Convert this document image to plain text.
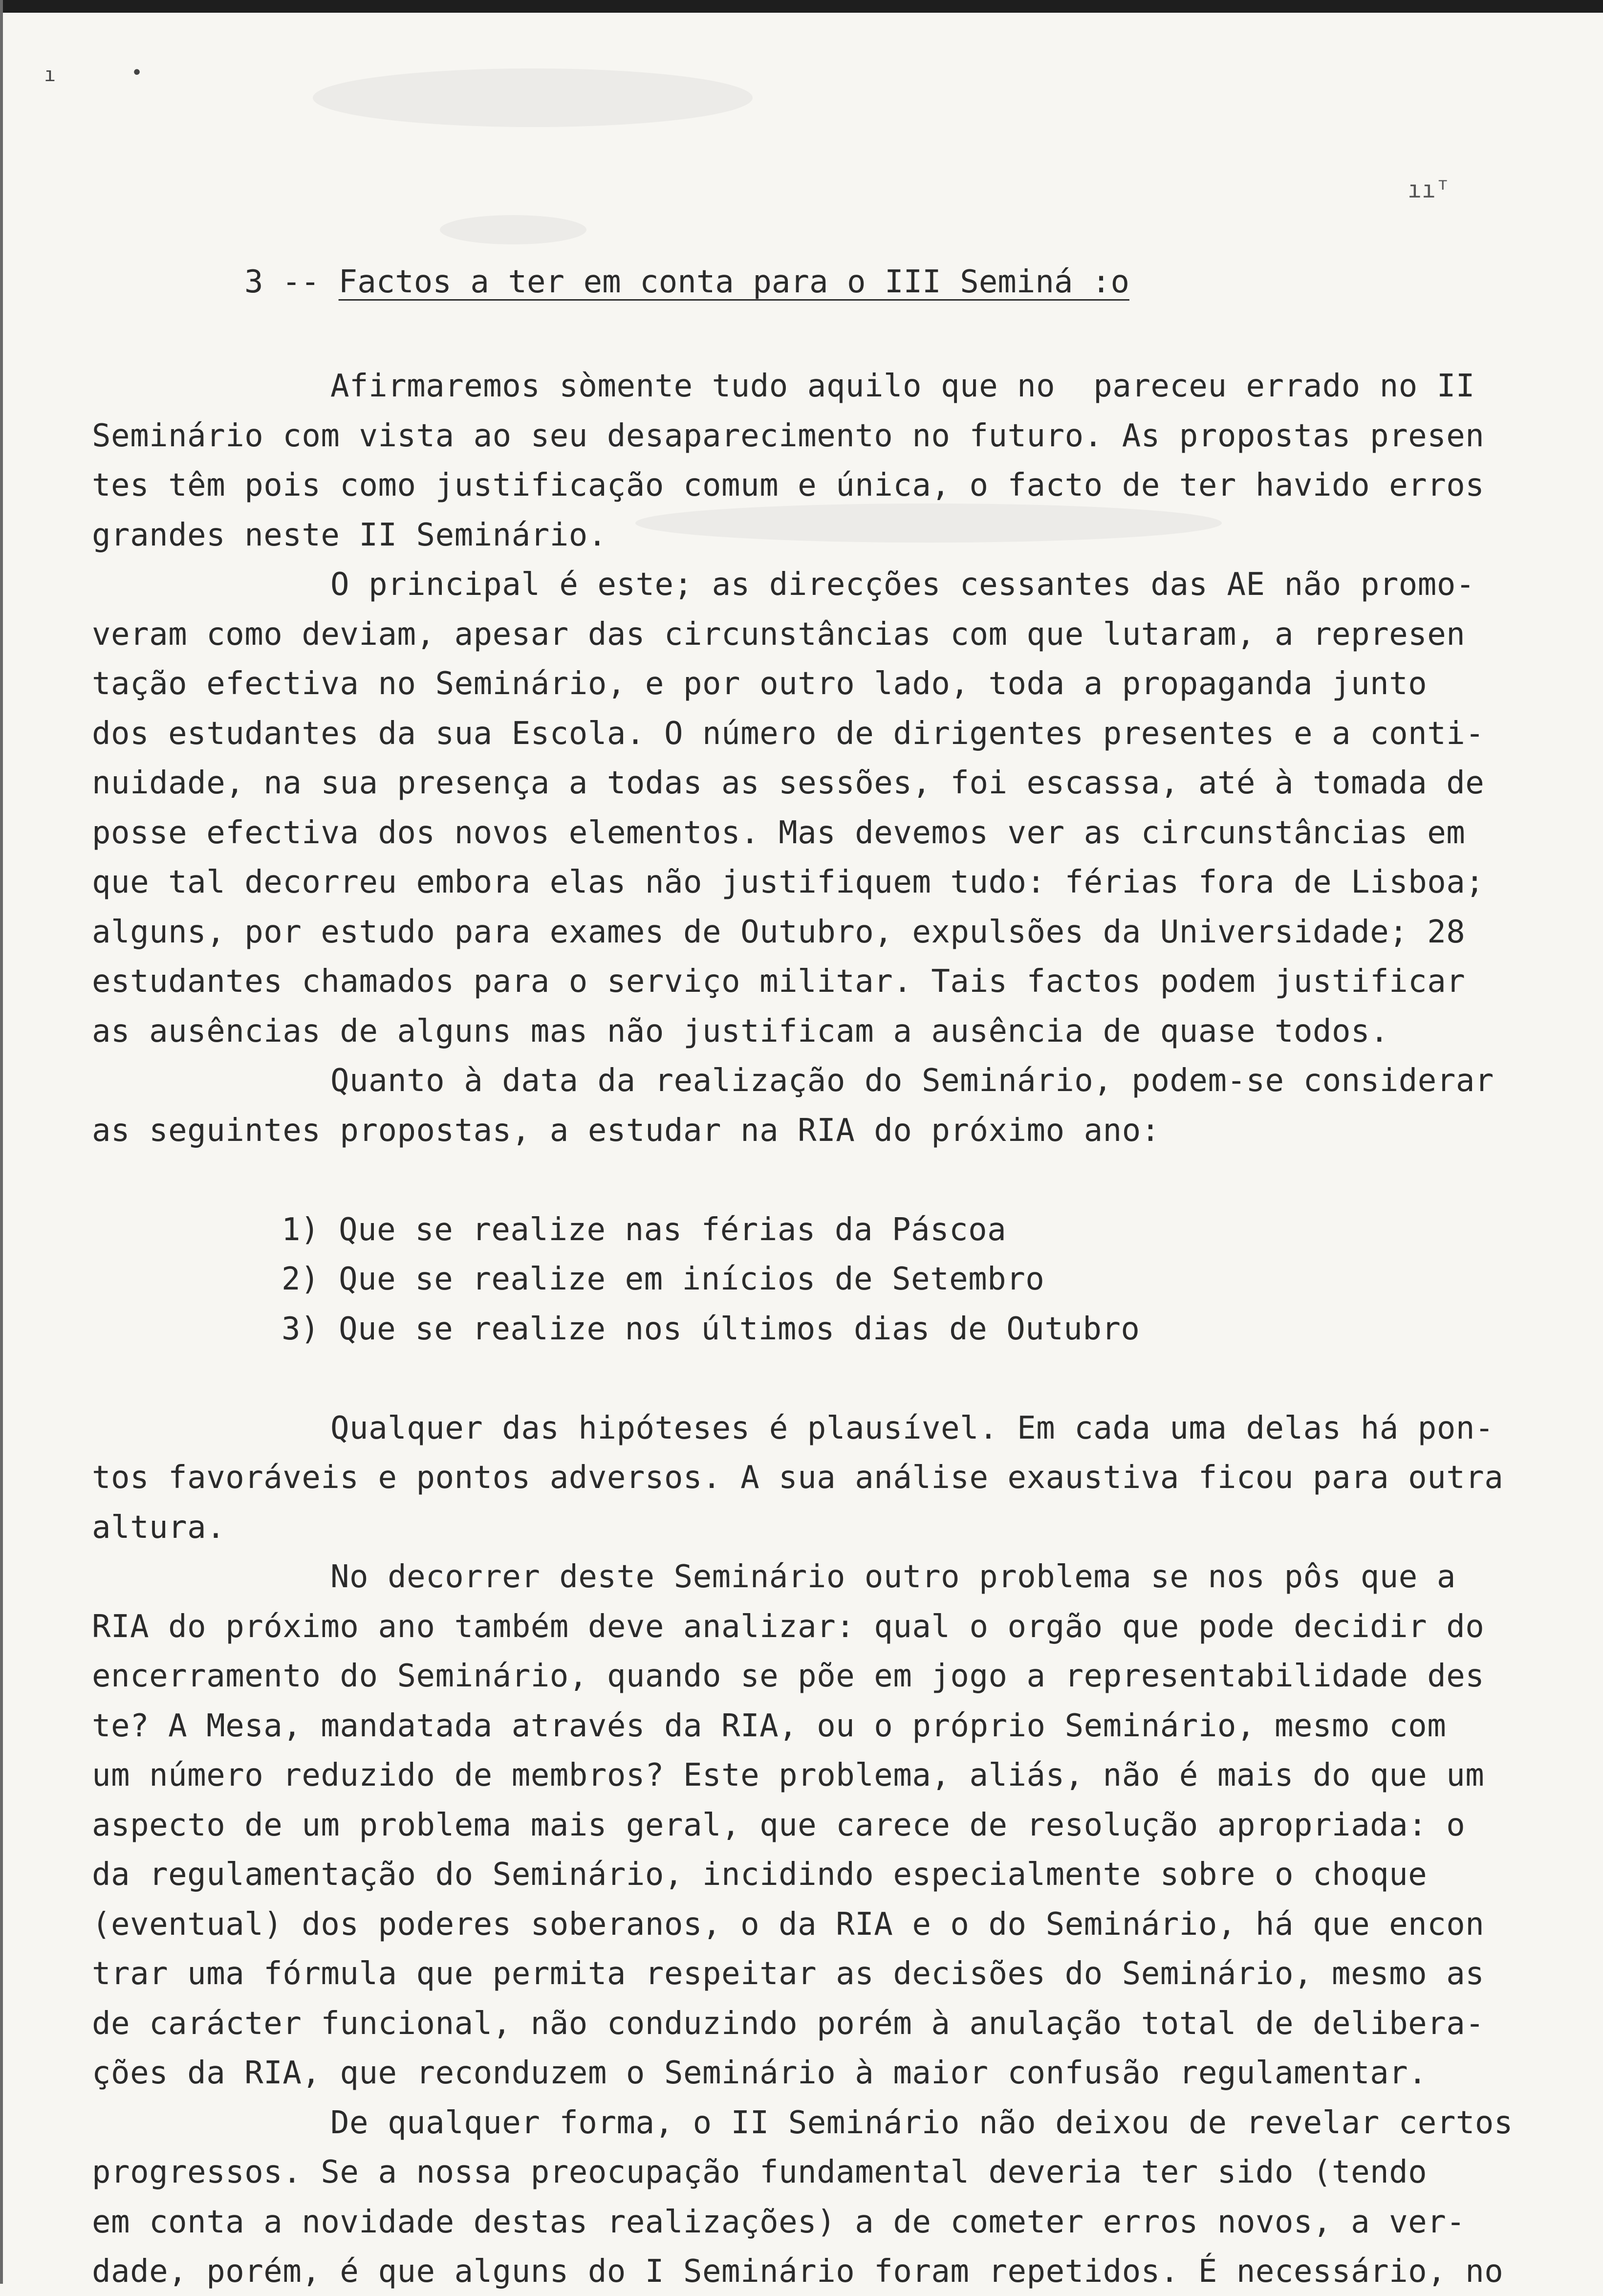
ı	•
ııᵀ
3 -- Factos a ter em conta para o III Seminá :o
Afirmaremos sòmente tudo aquilo que no  pareceu errado no II
Seminário com vista ao seu desaparecimento no futuro. As propostas presen
tes têm pois como justificação comum e única, o facto de ter havido erros
grandes neste II Seminário.
O principal é este; as direcções cessantes das AE não promo-
veram como deviam, apesar das circunstâncias com que lutaram, a represen
tação efectiva no Seminário, e por outro lado, toda a propaganda junto
dos estudantes da sua Escola. O número de dirigentes presentes e a conti-
nuidade, na sua presença a todas as sessões, foi escassa, até à tomada de
posse efectiva dos novos elementos. Mas devemos ver as circunstâncias em
que tal decorreu embora elas não justifiquem tudo: férias fora de Lisboa;
alguns, por estudo para exames de Outubro, expulsões da Universidade; 28
estudantes chamados para o serviço militar. Tais factos podem justificar
as ausências de alguns mas não justificam a ausência de quase todos.
Quanto à data da realização do Seminário, podem-se considerar
as seguintes propostas, a estudar na RIA do próximo ano:
1) Que se realize nas férias da Páscoa
2) Que se realize em inícios de Setembro
3) Que se realize nos últimos dias de Outubro
Qualquer das hipóteses é plausível. Em cada uma delas há pon-
tos favoráveis e pontos adversos. A sua análise exaustiva ficou para outra
altura.
No decorrer deste Seminário outro problema se nos pôs que a
RIA do próximo ano também deve analizar: qual o orgão que pode decidir do
encerramento do Seminário, quando se põe em jogo a representabilidade des
te? A Mesa, mandatada através da RIA, ou o próprio Seminário, mesmo com
um número reduzido de membros? Este problema, aliás, não é mais do que um
aspecto de um problema mais geral, que carece de resolução apropriada: o
da regulamentação do Seminário, incidindo especialmente sobre o choque
(eventual) dos poderes soberanos, o da RIA e o do Seminário, há que encon
trar uma fórmula que permita respeitar as decisões do Seminário, mesmo as
de carácter funcional, não conduzindo porém à anulação total de delibera-
ções da RIA, que reconduzem o Seminário à maior confusão regulamentar.
De qualquer forma, o II Seminário não deixou de revelar certos
progressos. Se a nossa preocupação fundamental deveria ter sido (tendo
em conta a novidade destas realizações) a de cometer erros novos, a ver-
dade, porém, é que alguns do I Seminário foram repetidos. É necessário, no
